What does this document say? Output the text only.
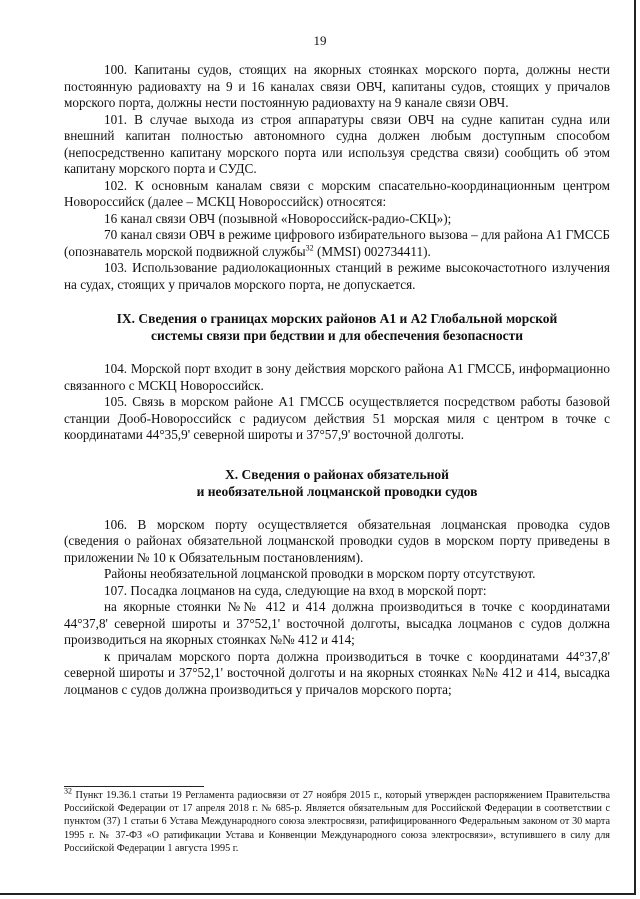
19

100. Капитаны судов, стоящих на якорных стоянках морского порта, должны нести постоянную радиовахту на 9 и 16 каналах связи ОВЧ, капитаны судов, стоящих у причалов морского порта, должны нести постоянную радиовахту на 9 канале связи ОВЧ.

101. В случае выхода из строя аппаратуры связи ОВЧ на судне капитан судна или внешний капитан полностью автономного судна должен любым доступным способом (непосредственно капитану морского порта или используя средства связи) сообщить об этом капитану морского порта и СУДС.

102. К основным каналам связи с морским спасательно-координационным центром Новороссийск (далее – МСКЦ Новороссийск) относятся:

16 канал связи ОВЧ (позывной «Новороссийск-радио-СКЦ»);

70 канал связи ОВЧ в режиме цифрового избирательного вызова – для района А1 ГМССБ (опознаватель морской подвижной службы$^{32}$ (MMSI) 002734411).

103. Использование радиолокационных станций в режиме высокочастотного излучения на судах, стоящих у причалов морского порта, не допускается.

IX. Сведения о границах морских районов А1 и А2 Глобальной морской
системы связи при бедствии и для обеспечения безопасности

104. Морской порт входит в зону действия морского района А1 ГМССБ, информационно связанного с МСКЦ Новороссийск.

105. Связь в морском районе А1 ГМССБ осуществляется посредством работы базовой станции Дооб-Новороссийск с радиусом действия 51 морская миля с центром в точке с координатами 44°35,9' северной широты и 37°57,9' восточной долготы.

X. Сведения о районах обязательной
и необязательной лоцманской проводки судов

106. В морском порту осуществляется обязательная лоцманская проводка судов (сведения о районах обязательной лоцманской проводки судов в морском порту приведены в приложении № 10 к Обязательным постановлениям).

Районы необязательной лоцманской проводки в морском порту отсутствуют.

107. Посадка лоцманов на суда, следующие на вход в морской порт:

на якорные стоянки №№ 412 и 414 должна производиться в точке с координатами 44°37,8' северной широты и 37°52,1' восточной долготы, высадка лоцманов с судов должна производиться на якорных стоянках №№ 412 и 414;

к причалам морского порта должна производиться в точке с координатами 44°37,8' северной широты и 37°52,1' восточной долготы и на якорных стоянках №№ 412 и 414, высадка лоцманов с судов должна производиться у причалов морского порта;

$^{32}$ Пункт 19.36.1 статьи 19 Регламента радиосвязи от 27 ноября 2015 г., который утвержден распоряжением Правительства Российской Федерации от 17 апреля 2018 г. № 685-р. Является обязательным для Российской Федерации в соответствии с пунктом (37) 1 статьи 6 Устава Международного союза электросвязи, ратифицированного Федеральным законом от 30 марта 1995 г. № 37-ФЗ «О ратификации Устава и Конвенции Международного союза электросвязи», вступившего в силу для Российской Федерации 1 августа 1995 г.
